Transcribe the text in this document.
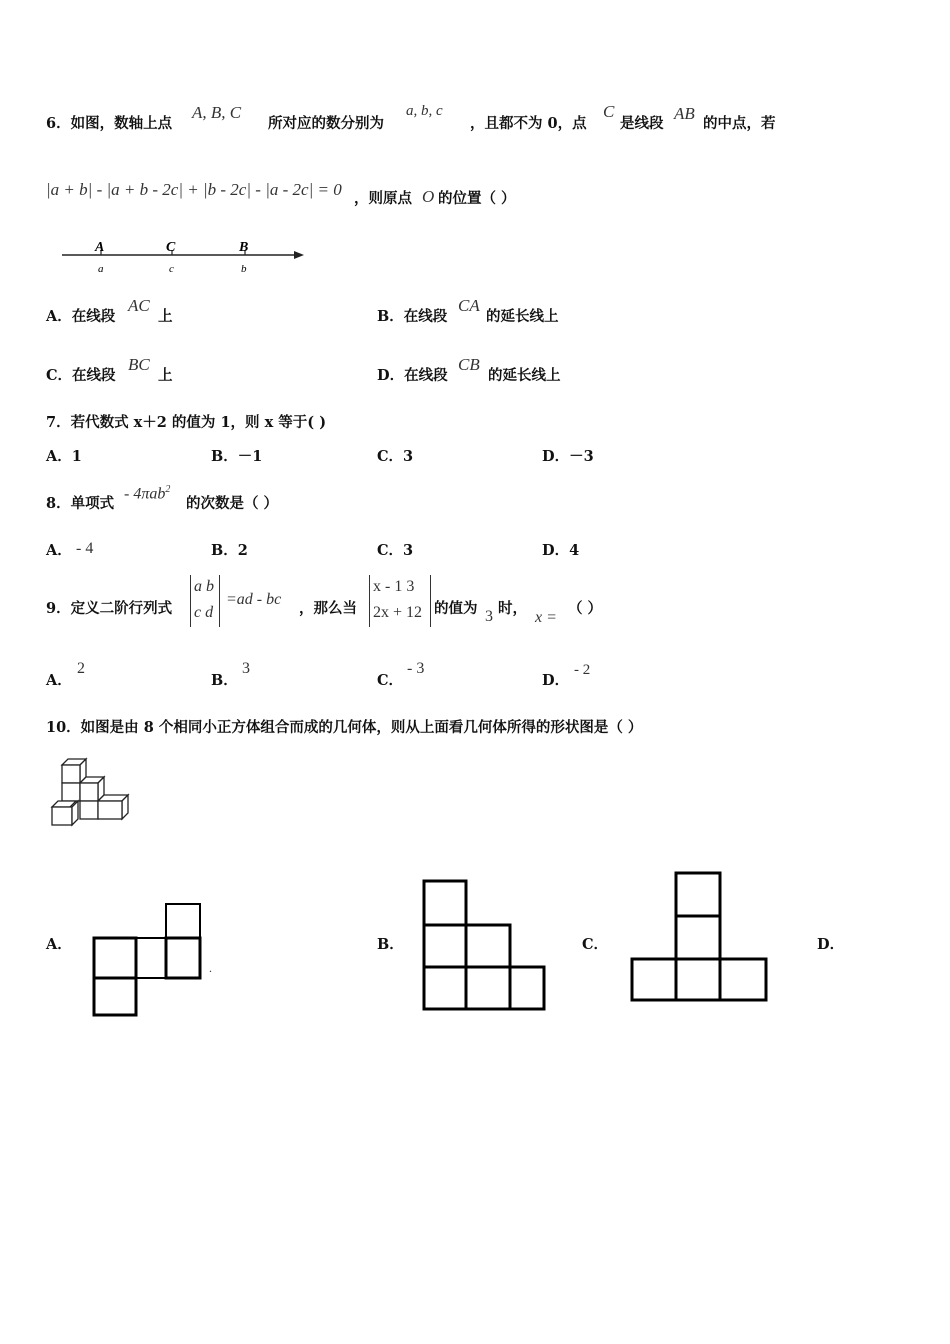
6．如图，数轴上点
A, B, C
所对应的数分别为
a, b, c
，且都不为 0，点
C
是线段
AB
的中点，若
|a + b| - |a + b - 2c| + |b - 2c| - |a - 2c| = 0 ，则原点 O 的位置（ ）
A	C	B
a	c	b
A．在线段
AC
上	B．在线段
CA
的延长线上
C．在线段
BC
上	D．在线段
CB
的延长线上
7．若代数式 x＋2 的值为 1，则 x 等于( )
A．1	B．－1	C．3	D．－3
8．单项式
- 4πab$^2$
的次数是（ ）
A． - 4	B．2	C．3	D．4
9．定义二阶行列式
a b
c d
=ad - bc
，那么当
x - 1 3
2x + 12 的值为 3 时，
x =
（ ）
A．
2
B．
3
C．
- 3
D．
- 2
10．如图是由 8 个相同小正方体组合而成的几何体，则从上面看几何体所得的形状图是（ ）
A．
.
B．	C．	D．
